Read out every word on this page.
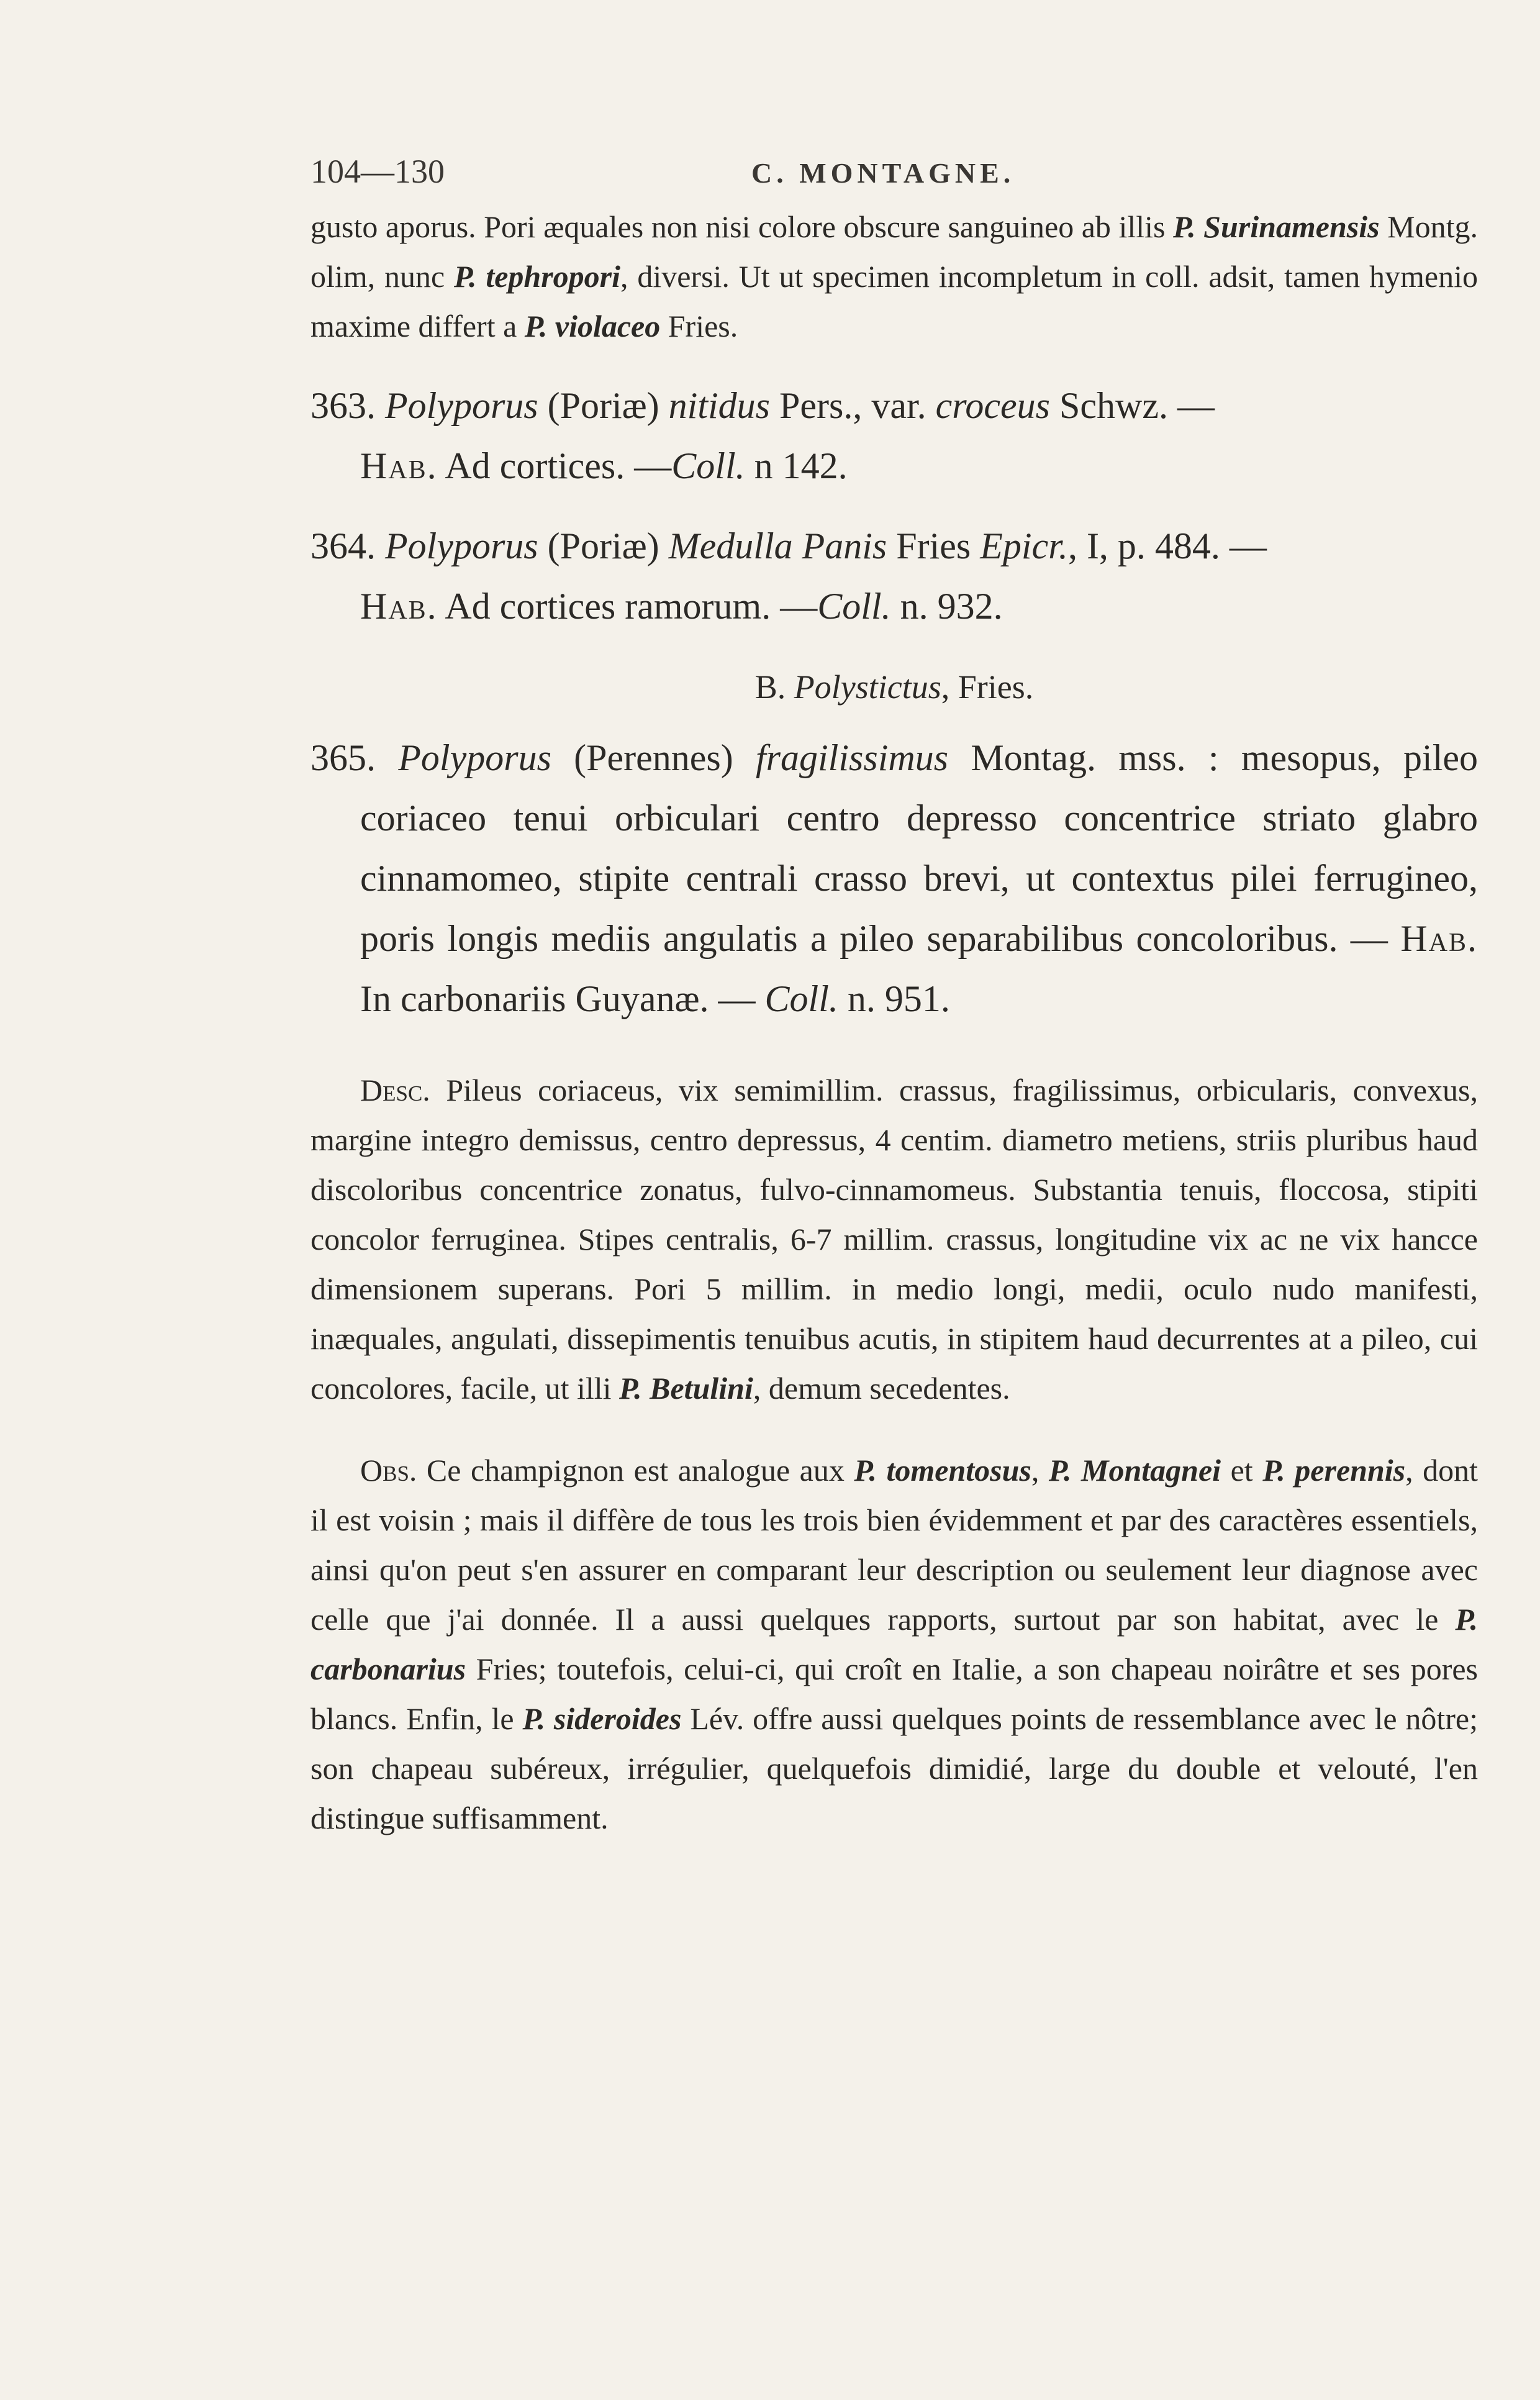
104—130	C. MONTAGNE.

gusto aporus. Pori æquales non nisi colore obscure sanguineo ab illis P. Surinamensis Montg. olim, nunc P. tephropori, diversi. Ut ut specimen incompletum in coll. adsit, tamen hymenio maxime differt a P. violaceo Fries.

363. Polyporus (Poriæ) nitidus Pers., var. croceus Schwz. —
Hab. Ad cortices. —Coll. n 142.

364. Polyporus (Poriæ) Medulla Panis Fries Epicr., I, p. 484. —
Hab. Ad cortices ramorum. —Coll. n. 932.

B. Polystictus, Fries.

365. Polyporus (Perennes) fragilissimus Montag. mss. : mesopus, pileo coriaceo tenui orbiculari centro depresso concentrice striato glabro cinnamomeo, stipite centrali crasso brevi, ut contextus pilei ferrugineo, poris longis mediis angulatis a pileo separabilibus concoloribus. — Hab. In carbonariis Guyanæ. — Coll. n. 951.

Desc. Pileus coriaceus, vix semimillim. crassus, fragilissimus, orbicularis, convexus, margine integro demissus, centro depressus, 4 centim. diametro metiens, striis pluribus haud discoloribus concentrice zonatus, fulvo-cinnamomeus. Substantia tenuis, floccosa, stipiti concolor ferruginea. Stipes centralis, 6-7 millim. crassus, longitudine vix ac ne vix hancce dimensionem superans. Pori 5 millim. in medio longi, medii, oculo nudo manifesti, inæquales, angulati, dissepimentis tenuibus acutis, in stipitem haud decurrentes at a pileo, cui concolores, facile, ut illi P. Betulini, demum secedentes.

Obs. Ce champignon est analogue aux P. tomentosus, P. Montagnei et P. perennis, dont il est voisin ; mais il diffère de tous les trois bien évidemment et par des caractères essentiels, ainsi qu'on peut s'en assurer en comparant leur description ou seulement leur diagnose avec celle que j'ai donnée. Il a aussi quelques rapports, surtout par son habitat, avec le P. carbonarius Fries; toutefois, celui-ci, qui croît en Italie, a son chapeau noirâtre et ses pores blancs. Enfin, le P. sideroides Lév. offre aussi quelques points de ressemblance avec le nôtre; son chapeau subéreux, irrégulier, quelquefois dimidié, large du double et velouté, l'en distingue suffisamment.
